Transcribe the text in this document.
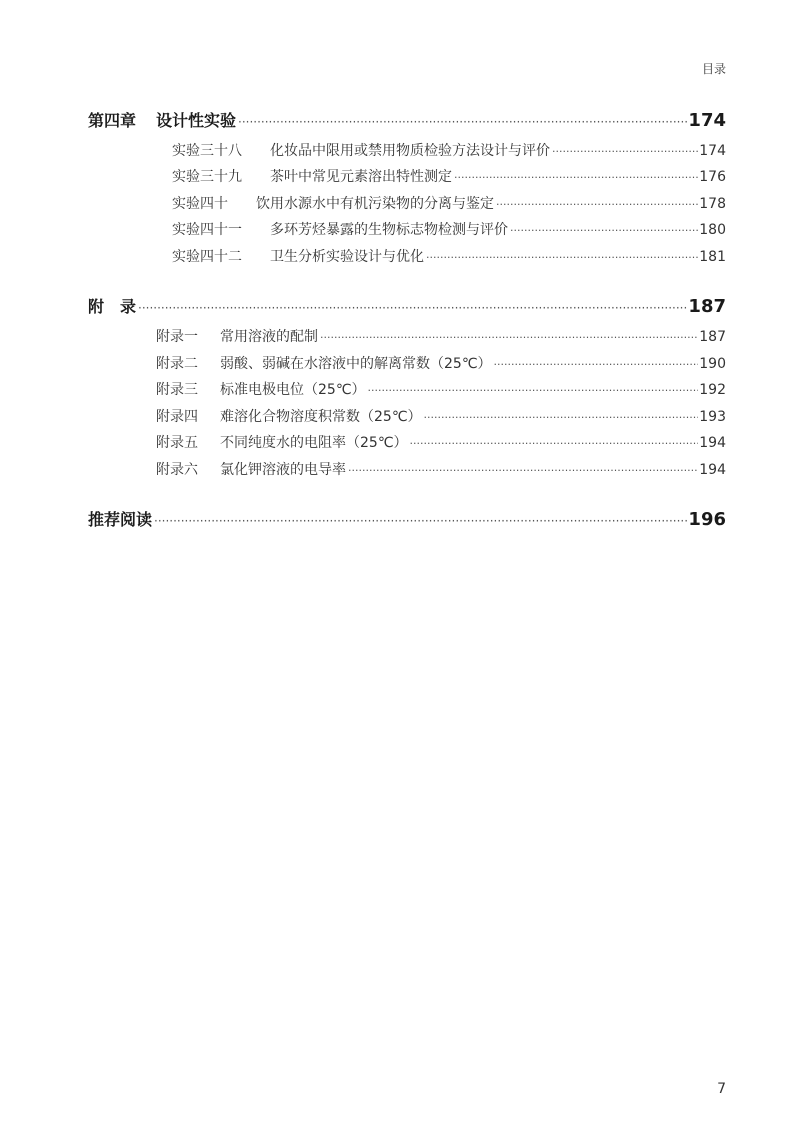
目录
第四章 设计性实验 ·····	174
实验三十八 化妆品中限用或禁用物质检验方法设计与评价 ·····	174
实验三十九 茶叶中常见元素溶出特性测定 ·····	176
实验四十 饮用水源水中有机污染物的分离与鉴定 ·····	178
实验四十一 多环芳烃暴露的生物标志物检测与评价 ·····	180
实验四十二 卫生分析实验设计与优化 ·····	181
附　录 ·····	187
附录一 常用溶液的配制 ·····	187
附录二 弱酸、弱碱在水溶液中的解离常数（25℃） ·····	190
附录三 标准电极电位（25℃） ·····	192
附录四 难溶化合物溶度积常数（25℃） ·····	193
附录五 不同纯度水的电阻率（25℃） ·····	194
附录六 氯化钾溶液的电导率 ·····	194
推荐阅读 ·····	196
7
